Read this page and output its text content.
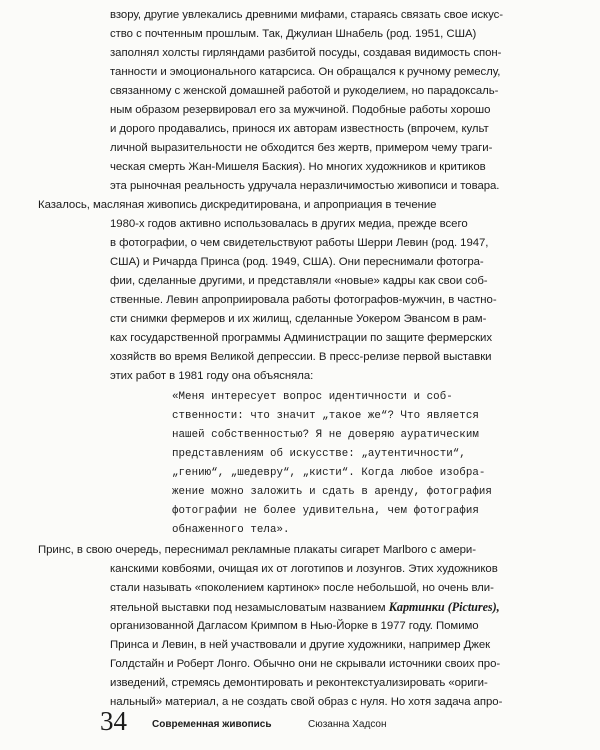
взору, другие увлекались древними мифами, стараясь связать свое искус-
ство с почтенным прошлым. Так, Джулиан Шнабель (род. 1951, США)
заполнял холсты гирляндами разбитой посуды, создавая видимость спон-
танности и эмоционального катарсиса. Он обращался к ручному ремеслу,
связанному с женской домашней работой и рукоделием, но парадоксаль-
ным образом резервировал его за мужчиной. Подобные работы хорошо
и дорого продавались, принося их авторам известность (впрочем, культ
личной выразительности не обходится без жертв, примером чему траги-
ческая смерть Жан-Мишеля Баския). Но многих художников и критиков
эта рыночная реальность удручала неразличимостью живописи и товара.
Казалось, масляная живопись дискредитирована, и апроприация в течение
1980-х годов активно использовалась в других медиа, прежде всего
в фотографии, о чем свидетельствуют работы Шерри Левин (род. 1947,
США) и Ричарда Принса (род. 1949, США). Они переснимали фотогра-
фии, сделанные другими, и представляли «новые» кадры как свои соб-
ственные. Левин апроприировала работы фотографов-мужчин, в частно-
сти снимки фермеров и их жилищ, сделанные Уокером Эвансом в рам-
ках государственной программы Администрации по защите фермерских
хозяйств во время Великой депрессии. В пресс-релизе первой выставки
этих работ в 1981 году она объясняла:
«Меня интересует вопрос идентичности и соб-
ственности: что значит „такое же“? Что является
нашей собственностью? Я не доверяю ауратическим
представлениям об искусстве: „аутентичности“,
„гению“, „шедевру“, „кисти“. Когда любое изобра-
жение можно заложить и сдать в аренду, фотография
фотографии не более удивительна, чем фотография
обнаженного тела».
Принс, в свою очередь, переснимал рекламные плакаты сигарет Marlboro с амери-
канскими ковбоями, очищая их от логотипов и лозунгов. Этих художников
стали называть «поколением картинок» после небольшой, но очень вли-
ятельной выставки под незамысловатым названием Картинки (Pictures),
организованной Дагласом Кримпом в Нью-Йорке в 1977 году. Помимо
Принса и Левин, в ней участвовали и другие художники, например Джек
Голдстайн и Роберт Лонго. Обычно они не скрывали источники своих про-
изведений, стремясь демонтировать и реконтекстуализировать «ориги-
нальный» материал, а не создать свой образ с нуля. Но хотя задача апро-
34	Современная живопись	Сюзанна Хадсон
